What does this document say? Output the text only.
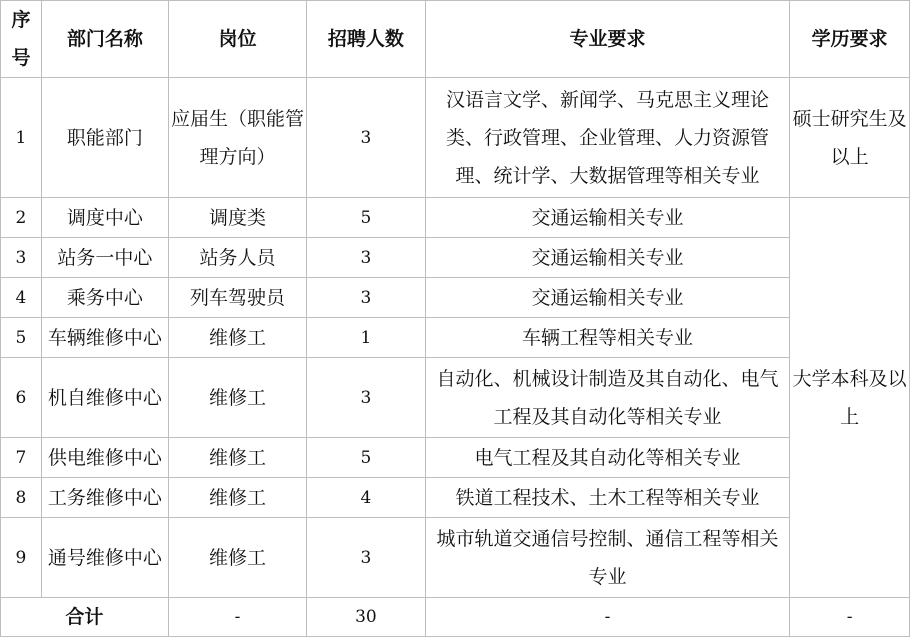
序号	部门名称	岗位	招聘人数	专业要求	学历要求
1	职能部门	应届生（职能管理方向）	3	汉语言文学、新闻学、马克思主义理论类、行政管理、企业管理、人力资源管理、统计学、大数据管理等相关专业	硕士研究生及以上
2	调度中心	调度类	5	交通运输相关专业	大学本科及以上
3	站务一中心	站务人员	3	交通运输相关专业	
4	乘务中心	列车驾驶员	3	交通运输相关专业	
5	车辆维修中心	维修工	1	车辆工程等相关专业	
6	机自维修中心	维修工	3	自动化、机械设计制造及其自动化、电气工程及其自动化等相关专业	
7	供电维修中心	维修工	5	电气工程及其自动化等相关专业	
8	工务维修中心	维修工	4	铁道工程技术、土木工程等相关专业	
9	通号维修中心	维修工	3	城市轨道交通信号控制、通信工程等相关专业	
合计		-	30	-	-
